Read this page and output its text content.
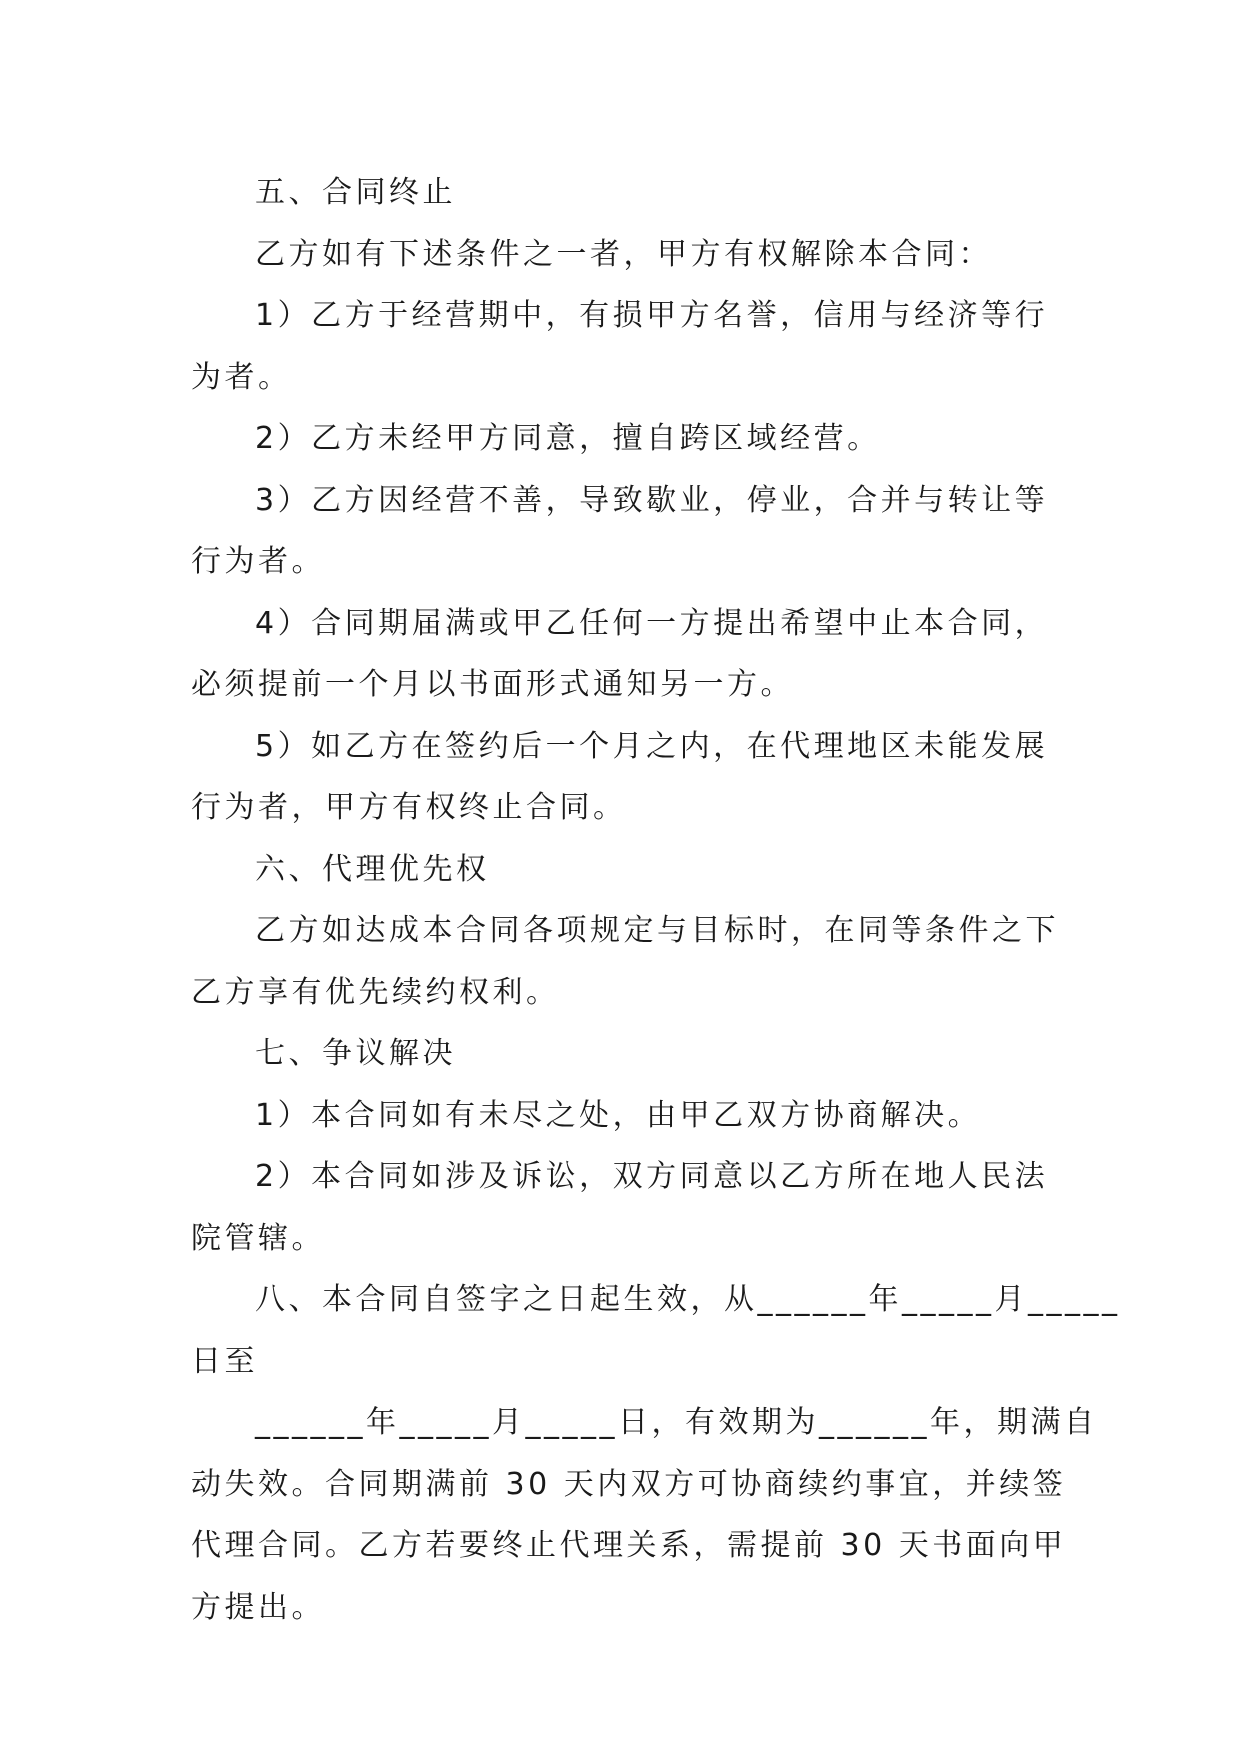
五、合同终止

乙方如有下述条件之一者，甲方有权解除本合同：

1）乙方于经营期中，有损甲方名誉，信用与经济等行

为者。

2）乙方未经甲方同意，擅自跨区域经营。

3）乙方因经营不善，导致歇业，停业，合并与转让等

行为者。

4）合同期届满或甲乙任何一方提出希望中止本合同，

必须提前一个月以书面形式通知另一方。

5）如乙方在签约后一个月之内，在代理地区未能发展

行为者，甲方有权终止合同。

六、代理优先权

乙方如达成本合同各项规定与目标时，在同等条件之下

乙方享有优先续约权利。

七、争议解决

1）本合同如有未尽之处，由甲乙双方协商解决。

2）本合同如涉及诉讼，双方同意以乙方所在地人民法

院管辖。

八、本合同自签字之日起生效，从______年_____月_____

日至

______年_____月_____日，有效期为______年，期满自

动失效。合同期满前 30 天内双方可协商续约事宜，并续签

代理合同。乙方若要终止代理关系，需提前 30 天书面向甲

方提出。
